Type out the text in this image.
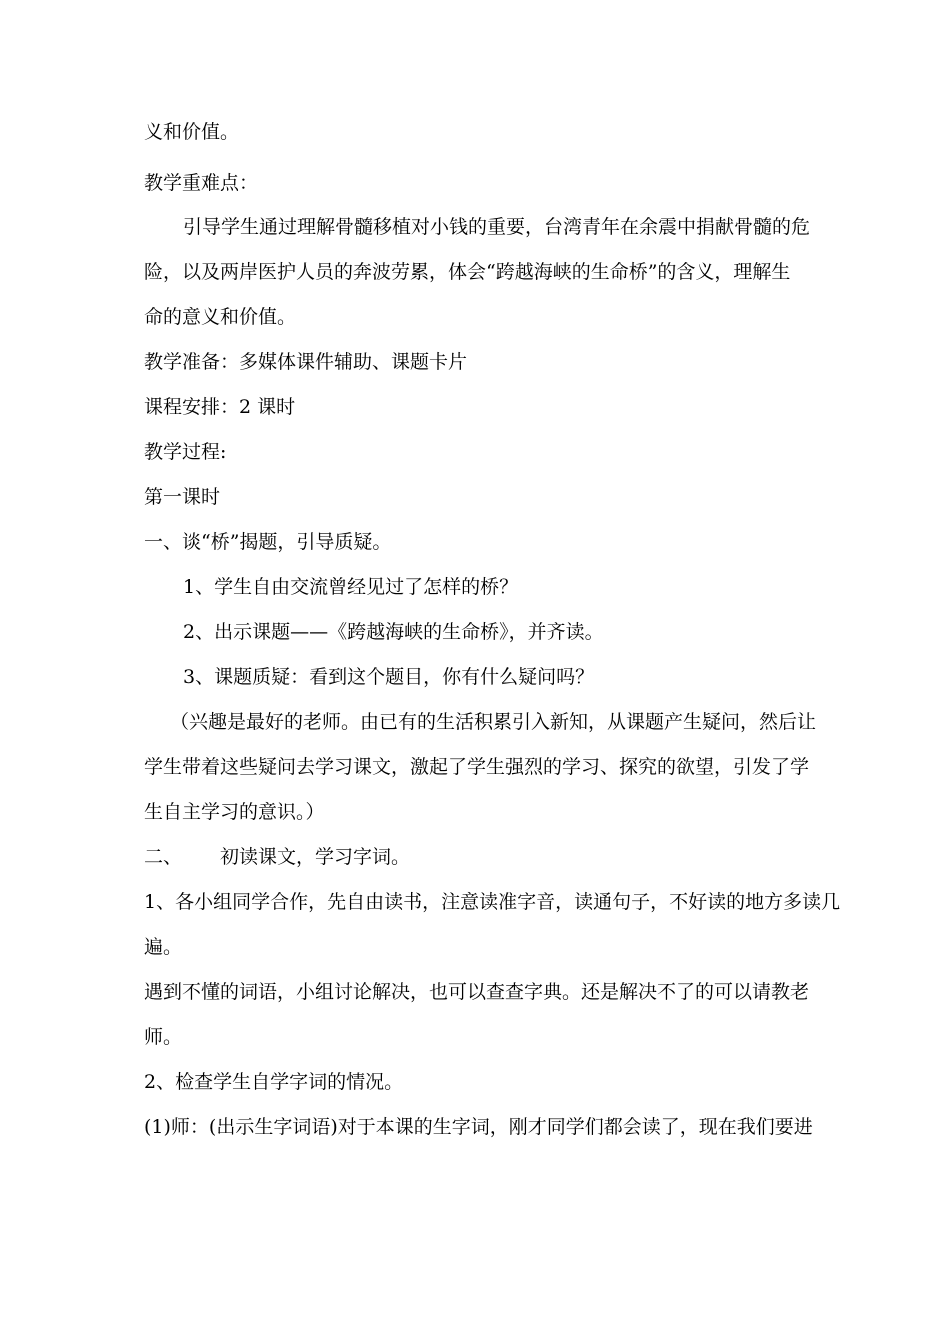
义和价值。
教学重难点：
引导学生通过理解骨髓移植对小钱的重要，台湾青年在余震中捐献骨髓的危
险，以及两岸医护人员的奔波劳累，体会“跨越海峡的生命桥”的含义，理解生
命的意义和价值。
教学准备：多媒体课件辅助、课题卡片
课程安排：2 课时
教学过程:
第一课时
一、谈“桥”揭题，引导质疑。
1、学生自由交流曾经见过了怎样的桥？
2、出示课题——《跨越海峡的生命桥》，并齐读。
3、课题质疑：看到这个题目，你有什么疑问吗？
（兴趣是最好的老师。由已有的生活积累引入新知，从课题产生疑问，然后让
学生带着这些疑问去学习课文，激起了学生强烈的学习、探究的欲望，引发了学
生自主学习的意识。）
二、 初读课文，学习字词。
1、各小组同学合作，先自由读书，注意读准字音，读通句子，不好读的地方多读几
遍。
遇到不懂的词语，小组讨论解决，也可以查查字典。还是解决不了的可以请教老
师。
2、检查学生自学字词的情况。
(1)师：(出示生字词语)对于本课的生字词，刚才同学们都会读了，现在我们要进
